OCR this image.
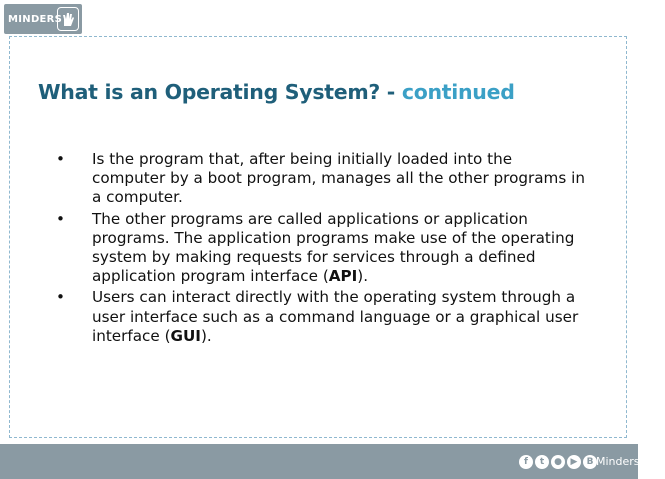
MINDERS
What is an Operating System? - continued
• Is the program that, after being initially loaded into the computer by a boot program, manages all the other programs in a computer.
• The other programs are called applications or application programs. The application programs make use of the operating system by making requests for services through a defined application program interface (API).
• Users can interact directly with the operating system through a user interface such as a command language or a graphical user interface (GUI).
f	t	● ▶	B MindersFCIH
